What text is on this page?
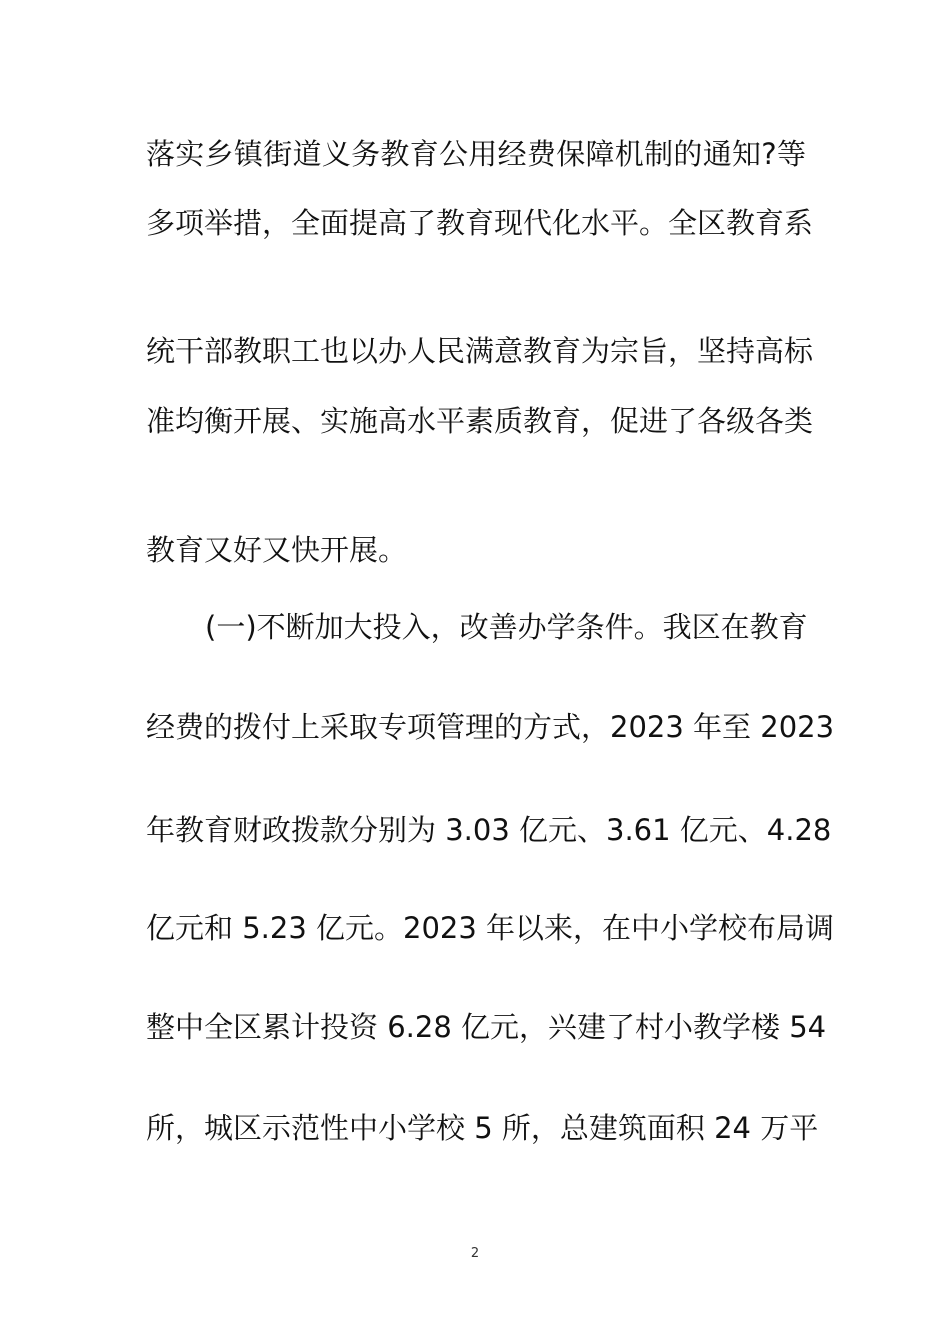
落实乡镇街道义务教育公用经费保障机制的通知?等
多项举措，全面提高了教育现代化水平。全区教育系
统干部教职工也以办人民满意教育为宗旨，坚持高标
准均衡开展、实施高水平素质教育，促进了各级各类
教育又好又快开展。
(一)不断加大投入，改善办学条件。我区在教育
经费的拨付上采取专项管理的方式，2023 年至 2023
年教育财政拨款分别为 3.03 亿元、3.61 亿元、4.28
亿元和 5.23 亿元。2023 年以来，在中小学校布局调
整中全区累计投资 6.28 亿元，兴建了村小教学楼 54
所，城区示范性中小学校 5 所，总建筑面积 24 万平
2
